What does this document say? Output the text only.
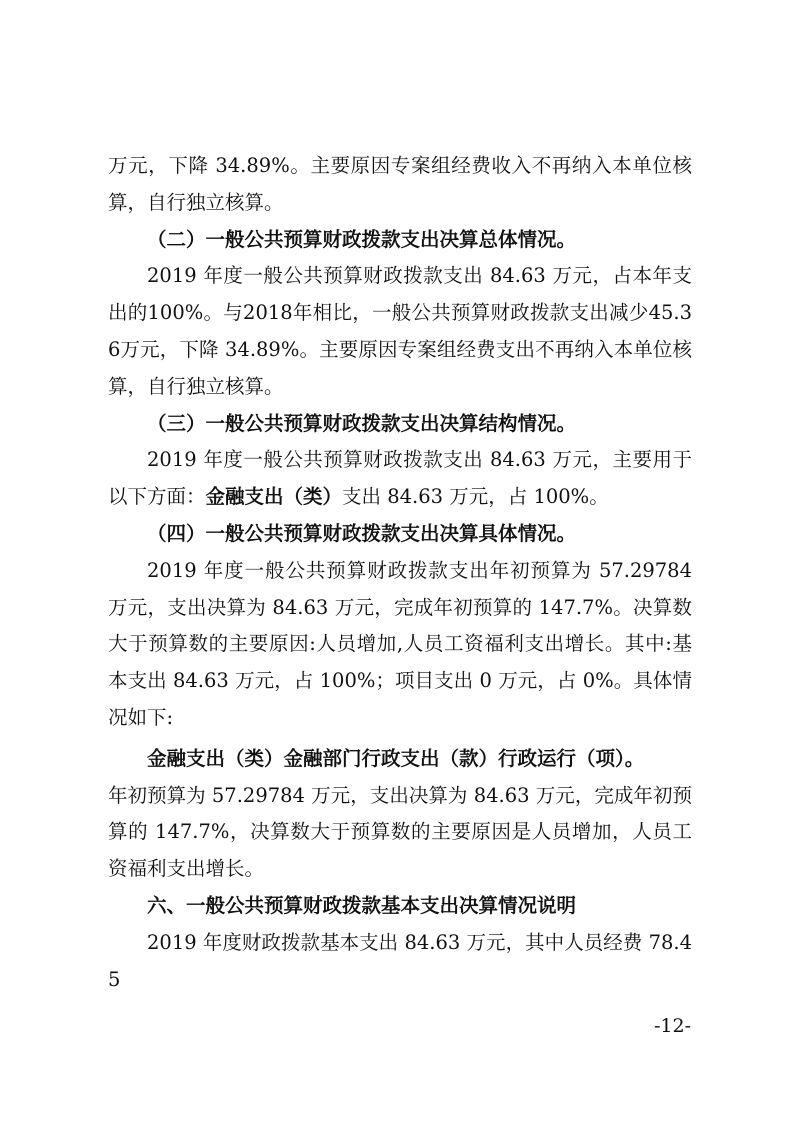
万元，下降 34.89%。主要原因专案组经费收入不再纳入本单位核算，自行独立核算。

（二）一般公共预算财政拨款支出决算总体情况。

2019 年度一般公共预算财政拨款支出 84.63 万元，占本年支出的100%。与2018年相比，一般公共预算财政拨款支出减少45.36万元，下降 34.89%。主要原因专案组经费支出不再纳入本单位核算，自行独立核算。

（三）一般公共预算财政拨款支出决算结构情况。

2019 年度一般公共预算财政拨款支出 84.63 万元，主要用于以下方面：金融支出（类）支出 84.63 万元，占 100%。

（四）一般公共预算财政拨款支出决算具体情况。

2019 年度一般公共预算财政拨款支出年初预算为 57.29784 万元，支出决算为 84.63 万元，完成年初预算的 147.7%。决算数大于预算数的主要原因:人员增加,人员工资福利支出增长。其中:基本支出 84.63 万元，占 100%；项目支出 0 万元，占 0%。具体情况如下:

金融支出（类）金融部门行政支出（款）行政运行（项）。

年初预算为 57.29784 万元，支出决算为 84.63 万元，完成年初预算的 147.7%，决算数大于预算数的主要原因是人员增加，人员工资福利支出增长。

六、一般公共预算财政拨款基本支出决算情况说明

2019 年度财政拨款基本支出 84.63 万元，其中人员经费 78.45

-12-
